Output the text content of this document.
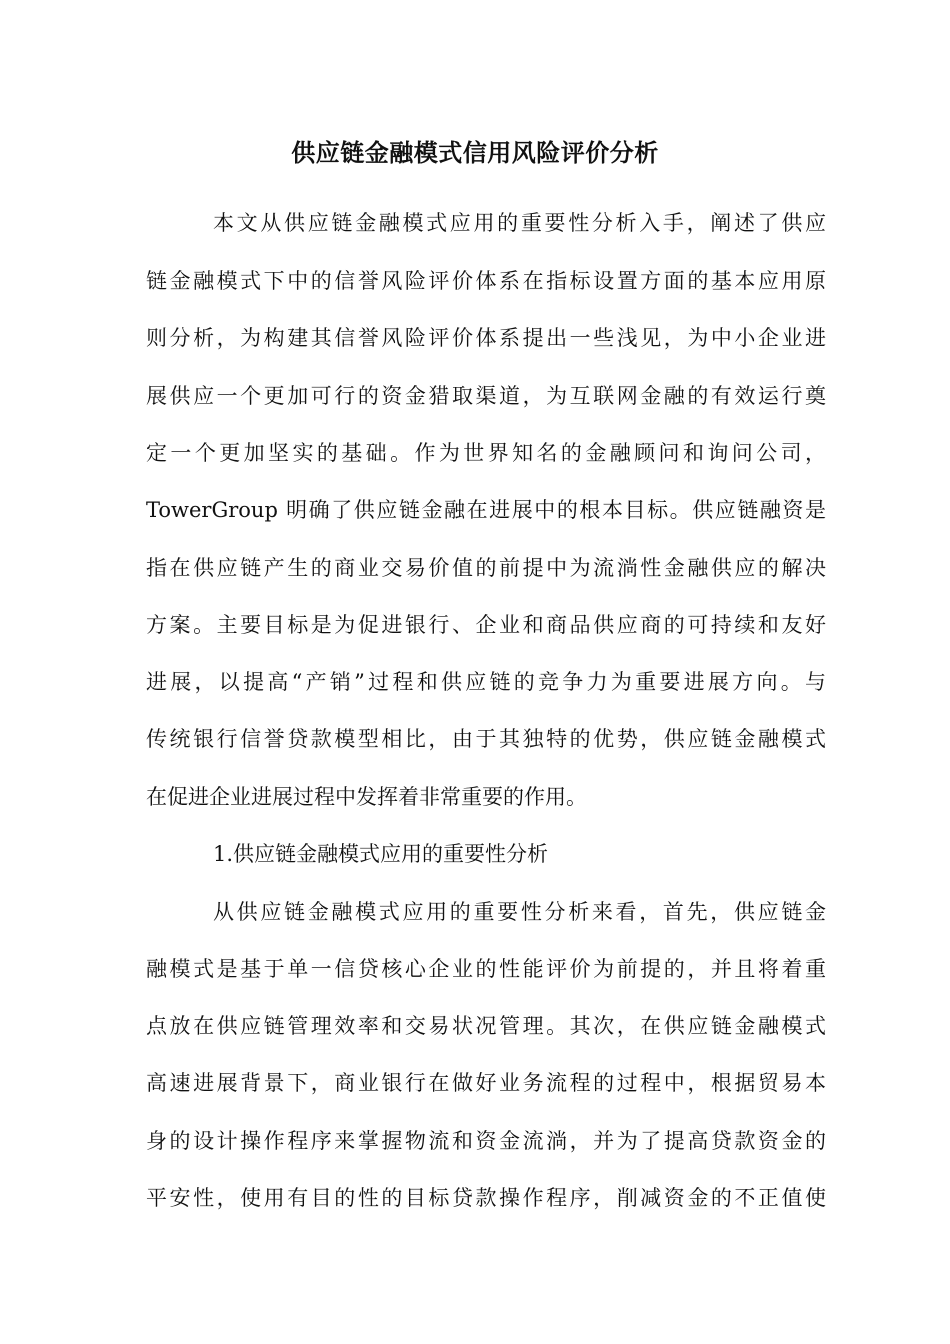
供应链金融模式信用风险评价分析

本文从供应链金融模式应用的重要性分析入手，阐述了供应

链金融模式下中的信誉风险评价体系在指标设置方面的基本应用原

则分析，为构建其信誉风险评价体系提出一些浅见，为中小企业进

展供应一个更加可行的资金猎取渠道，为互联网金融的有效运行奠

定一个更加坚实的基础。作为世界知名的金融顾问和询问公司，

TowerGroup 明确了供应链金融在进展中的根本目标。供应链融资是

指在供应链产生的商业交易价值的前提中为流淌性金融供应的解决

方案。主要目标是为促进银行、企业和商品供应商的可持续和友好

进展，以提高“产销”过程和供应链的竞争力为重要进展方向。与

传统银行信誉贷款模型相比，由于其独特的优势，供应链金融模式

在促进企业进展过程中发挥着非常重要的作用。

1.供应链金融模式应用的重要性分析

从供应链金融模式应用的重要性分析来看，首先，供应链金

融模式是基于单一信贷核心企业的性能评价为前提的，并且将着重

点放在供应链管理效率和交易状况管理。其次，在供应链金融模式

高速进展背景下，商业银行在做好业务流程的过程中，根据贸易本

身的设计操作程序来掌握物流和资金流淌，并为了提高贷款资金的

平安性，使用有目的性的目标贷款操作程序，削减资金的不正值使
